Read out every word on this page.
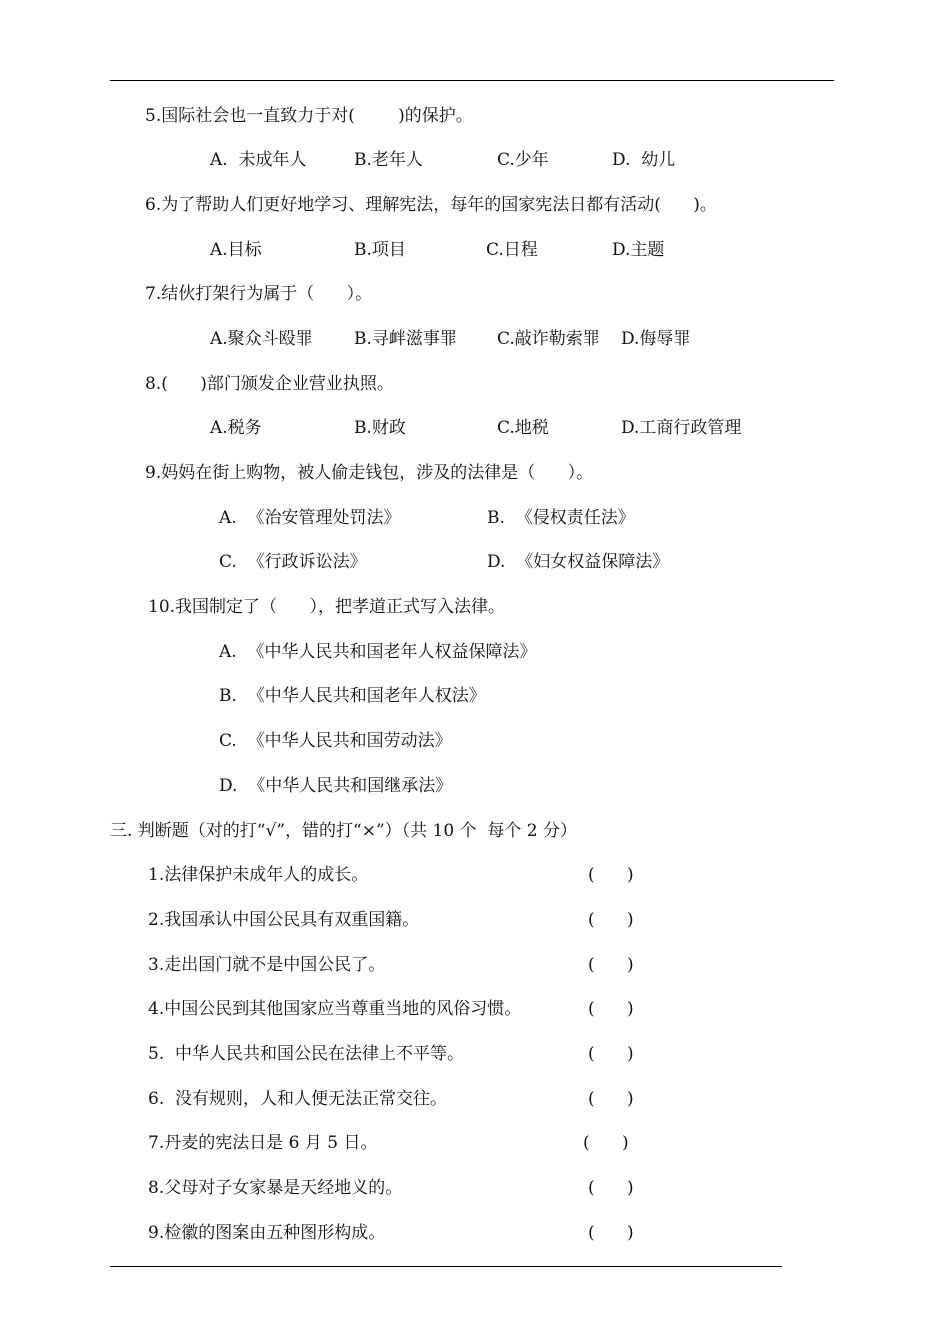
5.国际社会也一直致力于对(        )的保护。
A.  未成年人	B.老年人	C.少年	D.  幼儿
6.为了帮助人们更好地学习、理解宪法，每年的国家宪法日都有活动(      )。
A.目标	B.项目	C.日程	D.主题
7.结伙打架行为属于（      ）。
A.聚众斗殴罪 B.寻衅滋事罪 C.敲诈勒索罪 D.侮辱罪
8.(      )部门颁发企业营业执照。
A.税务	B.财政	C.地税	D.工商行政管理
9.妈妈在街上购物，被人偷走钱包，涉及的法律是（      ）。
A.  《治安管理处罚法》	B.  《侵权责任法》
C.  《行政诉讼法》	D.  《妇女权益保障法》
10.我国制定了（      ），把孝道正式写入法律。
A.  《中华人民共和国老年人权益保障法》
B.  《中华人民共和国老年人权法》
C.  《中华人民共和国劳动法》
D.  《中华人民共和国继承法》
三. 判断题（对的打“√”，错的打“×”）（共 10 个  每个 2 分）
1.法律保护未成年人的成长。	(      )
2.我国承认中国公民具有双重国籍。	(      )
3.走出国门就不是中国公民了。	(      )
4.中国公民到其他国家应当尊重当地的风俗习惯。	(      )
5.  中华人民共和国公民在法律上不平等。	(      )
6.  没有规则，人和人便无法正常交往。	(      )
7.丹麦的宪法日是 6 月 5 日。	(      )
8.父母对子女家暴是天经地义的。	(      )
9.检徽的图案由五种图形构成。	(      )
